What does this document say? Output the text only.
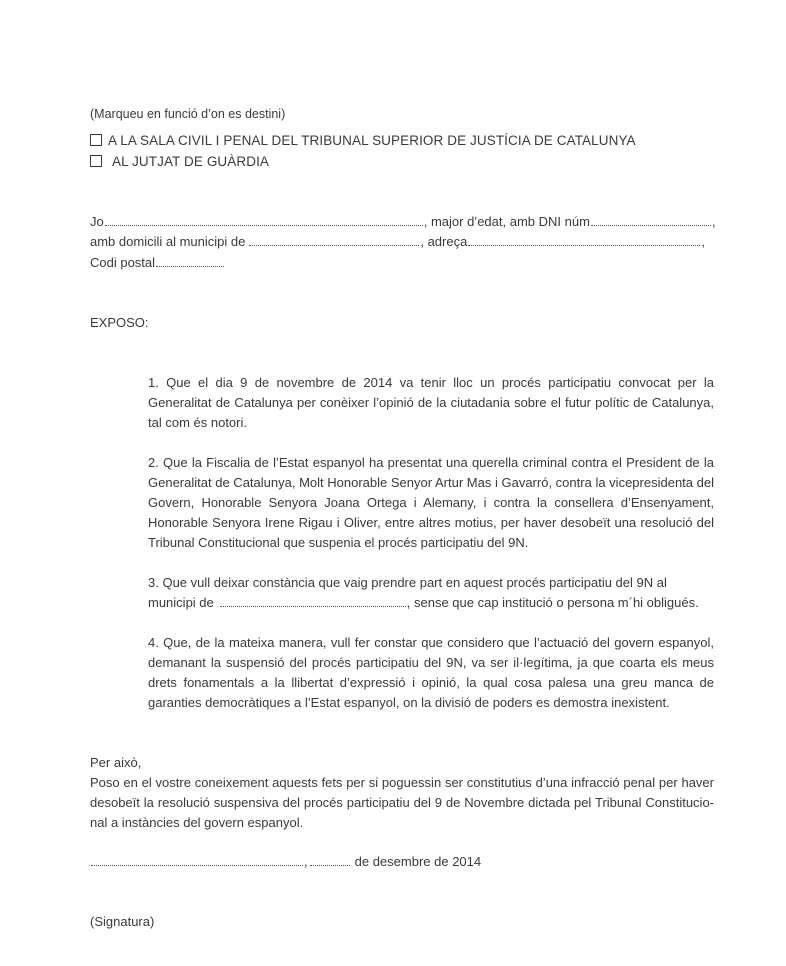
(Marqueu en funció d’on es destini)
A LA SALA CIVIL I PENAL DEL TRIBUNAL SUPERIOR DE JUSTÍCIA DE CATALUNYA
AL JUTJAT DE GUÀRDIA
Jo	, major d’edat, amb DNI núm	,
amb domicili al municipi de	, adreça	,
Codi postal
EXPOSO:

1. Que el dia 9 de novembre de 2014 va tenir lloc un procés participatiu convocat per la Generalitat de Catalunya per conèixer l’opinió de la ciutadania sobre el futur polític de Catalunya, tal com és notori.

2. Que la Fiscalia de l’Estat espanyol ha presentat una querella criminal contra el President de la Generalitat de Catalunya, Molt Honorable Senyor Artur Mas i Gavarró, contra la vicepresidenta del Govern, Honorable Senyora Joana Ortega i Alemany, i contra la consellera d’Ensenyament, Honorable Senyora Irene Rigau i Oliver, entre altres motius, per haver desobeït una resolució del Tribunal Constitucional que suspenia el procés participatiu del 9N.

3. Que vull deixar constància que vaig prendre part en aquest procés participatiu del 9N al
municipi de	, sense que cap institució o persona m´hi obligués.

4. Que, de la mateixa manera, vull fer constar que considero que l’actuació del govern espanyol, demanant la suspensió del procés participatiu del 9N, va ser il·legítima, ja que coarta els meus drets fonamentals a la llibertat d’expressió i opinió, la qual cosa palesa una greu manca de garanties democràtiques a l’Estat espanyol, on la divisió de poders es demostra inexistent.

Per això,

Poso en el vostre coneixement aquests fets per si poguessin ser constitutius d’una infracció penal per haver desobeït la resolució suspensiva del procés participatiu del 9 de Novembre dictada pel Tribunal Constitucio-nal a instàncies del govern espanyol.

,	de desembre de 2014
(Signatura)
